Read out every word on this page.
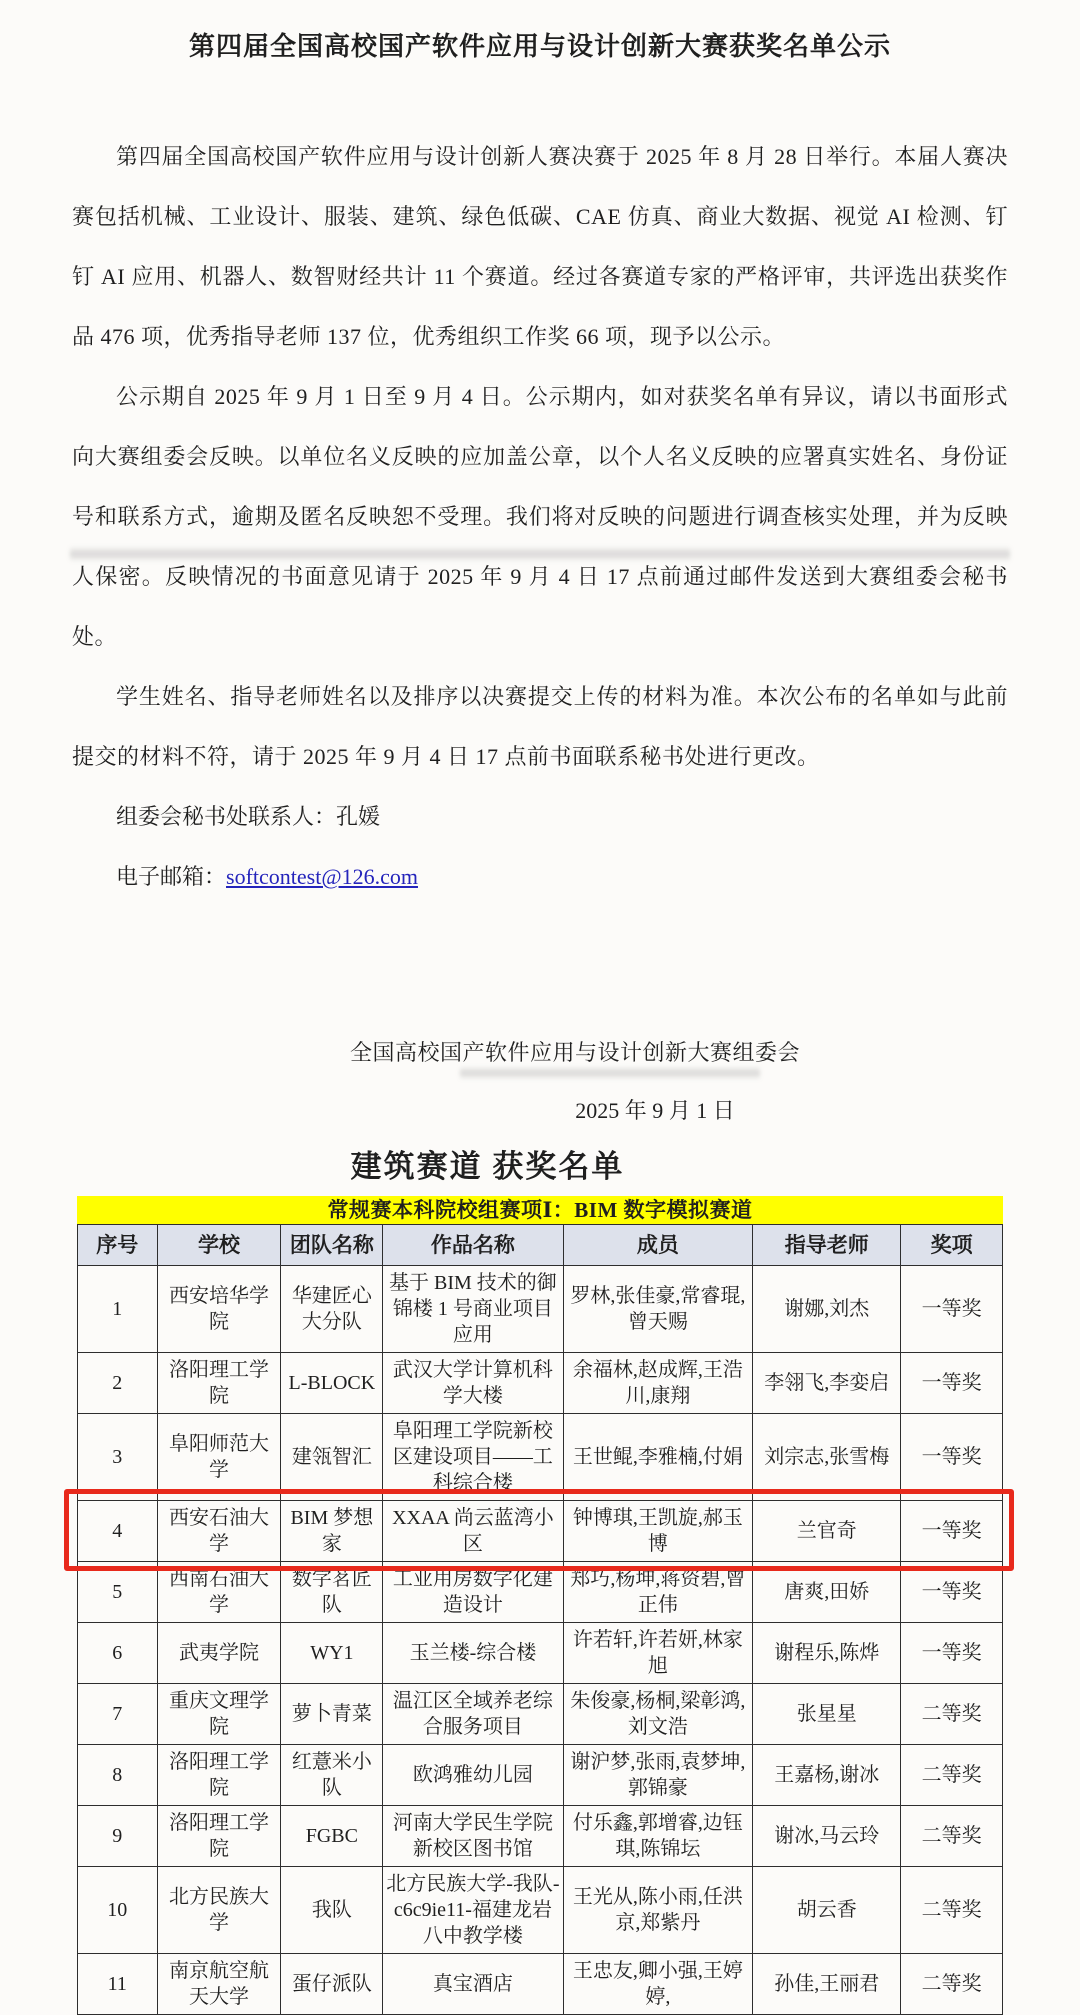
第四届全国高校国产软件应用与设计创新大赛获奖名单公示

第四届全国高校国产软件应用与设计创新人赛决赛于 2025 年 8 月 28 日举行。本届人赛决赛包括机械、工业设计、服装、建筑、绿色低碳、CAE 仿真、商业大数据、视觉 AI 检测、钉钉 AI 应用、机器人、数智财经共计 11 个赛道。经过各赛道专家的严格评审，共评选出获奖作品 476 项，优秀指导老师 137 位，优秀组织工作奖 66 项，现予以公示。

公示期自 2025 年 9 月 1 日至 9 月 4 日。公示期内，如对获奖名单有异议，请以书面形式向大赛组委会反映。以单位名义反映的应加盖公章，以个人名义反映的应署真实姓名、身份证号和联系方式，逾期及匿名反映恕不受理。我们将对反映的问题进行调查核实处理，并为反映人保密。反映情况的书面意见请于 2025 年 9 月 4 日 17 点前通过邮件发送到大赛组委会秘书处。

学生姓名、指导老师姓名以及排序以决赛提交上传的材料为准。本次公布的名单如与此前提交的材料不符，请于 2025 年 9 月 4 日 17 点前书面联系秘书处进行更改。

组委会秘书处联系人：孔媛

电子邮箱：softcontest@126.com

全国高校国产软件应用与设计创新大赛组委会
2025 年 9 月 1 日
建筑赛道 获奖名单
常规赛本科院校组赛项Ⅰ：BIM 数字模拟赛道
序号	学校	团队名称	作品名称	成员	指导老师	奖项
1	西安培华学院	华建匠心大分队	基于 BIM 技术的御锦楼 1 号商业项目应用	罗林,张佳豪,常睿琨,曾天赐	谢娜,刘杰	一等奖
2	洛阳理工学院	L-BLOCK	武汉大学计算机科学大楼	余福林,赵成辉,王浩川,康翔	李翎飞,李娈启	一等奖
3	阜阳师范大学	建瓴智汇	阜阳理工学院新校区建设项目——工科综合楼	王世鲲,李雅楠,付娟	刘宗志,张雪梅	一等奖
4	西安石油大学	BIM 梦想家	XXAA 尚云蓝湾小区	钟博琪,王凯旋,郝玉博	兰官奇	一等奖
5	西南石油大学	数字茗匠队	工业用房数字化建造设计	郑巧,杨坤,蒋资碧,曾正伟	唐爽,田娇	一等奖
6	武夷学院	WY1	玉兰楼-综合楼	许若轩,许若妍,林家旭	谢程乐,陈烨	一等奖
7	重庆文理学院	萝卜青菜	温江区全域养老综合服务项目	朱俊豪,杨桐,梁彰鸿,刘文浩	张星星	二等奖
8	洛阳理工学院	红薏米小队	欧鸿雅幼儿园	谢沪梦,张雨,袁梦坤,郭锦豪	王嘉杨,谢冰	二等奖
9	洛阳理工学院	FGBC	河南大学民生学院新校区图书馆	付乐鑫,郭增睿,边钰琪,陈锦坛	谢冰,马云玲	二等奖
10	北方民族大学	我队	北方民族大学-我队-c6c9ie11-福建龙岩八中教学楼	王光从,陈小雨,任洪京,郑紫丹	胡云香	二等奖
11	南京航空航天大学	蛋仔派队	真宝酒店	王忠友,卿小强,王婷婷,	孙佳,王丽君	二等奖
